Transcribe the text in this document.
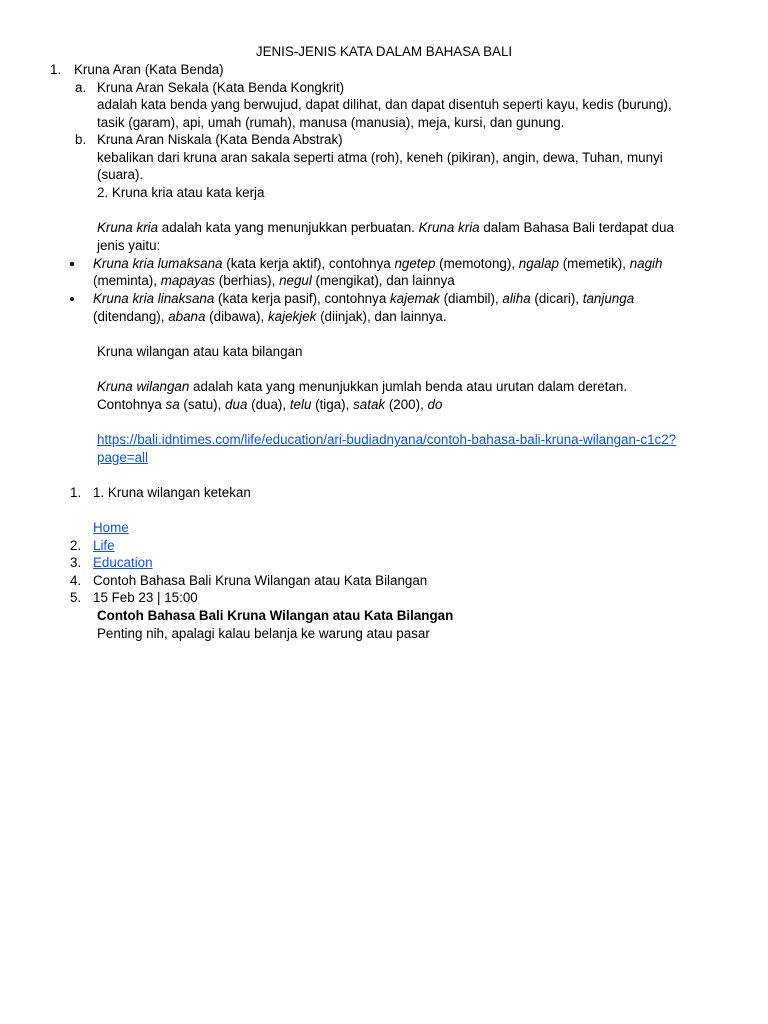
JENIS-JENIS KATA DALAM BAHASA BALI
1. Kruna Aran (Kata Benda)
a. Kruna Aran Sekala (Kata Benda Kongkrit)
adalah kata benda yang berwujud, dapat dilihat, dan dapat disentuh seperti kayu, kedis (burung),
tasik (garam), api, umah (rumah), manusa (manusia), meja, kursi, dan gunung.
b. Kruna Aran Niskala (Kata Benda Abstrak)
kebalikan dari kruna aran sakala seperti atma (roh), keneh (pikiran), angin, dewa, Tuhan, munyi
(suara).
2. Kruna kria atau kata kerja
Kruna kria adalah kata yang menunjukkan perbuatan. Kruna kria dalam Bahasa Bali terdapat dua
jenis yaitu:
Kruna kria lumaksana (kata kerja aktif), contohnya ngetep (memotong), ngalap (memetik), nagih
(meminta), mapayas (berhias), negul (mengikat), dan lainnya
Kruna kria linaksana (kata kerja pasif), contohnya kajemak (diambil), aliha (dicari), tanjunga
(ditendang), abana (dibawa), kajekjek (diinjak), dan lainnya.
Kruna wilangan atau kata bilangan
Kruna wilangan adalah kata yang menunjukkan jumlah benda atau urutan dalam deretan.
Contohnya sa (satu), dua (dua), telu (tiga), satak (200), do
https://bali.idntimes.com/life/education/ari-budiadnyana/contoh-bahasa-bali-kruna-wilangan-c1c2?
page=all
1. 1. Kruna wilangan ketekan
Home
2. Life
3. Education
4. Contoh Bahasa Bali Kruna Wilangan atau Kata Bilangan
5. 15 Feb 23 | 15:00
Contoh Bahasa Bali Kruna Wilangan atau Kata Bilangan
Penting nih, apalagi kalau belanja ke warung atau pasar
